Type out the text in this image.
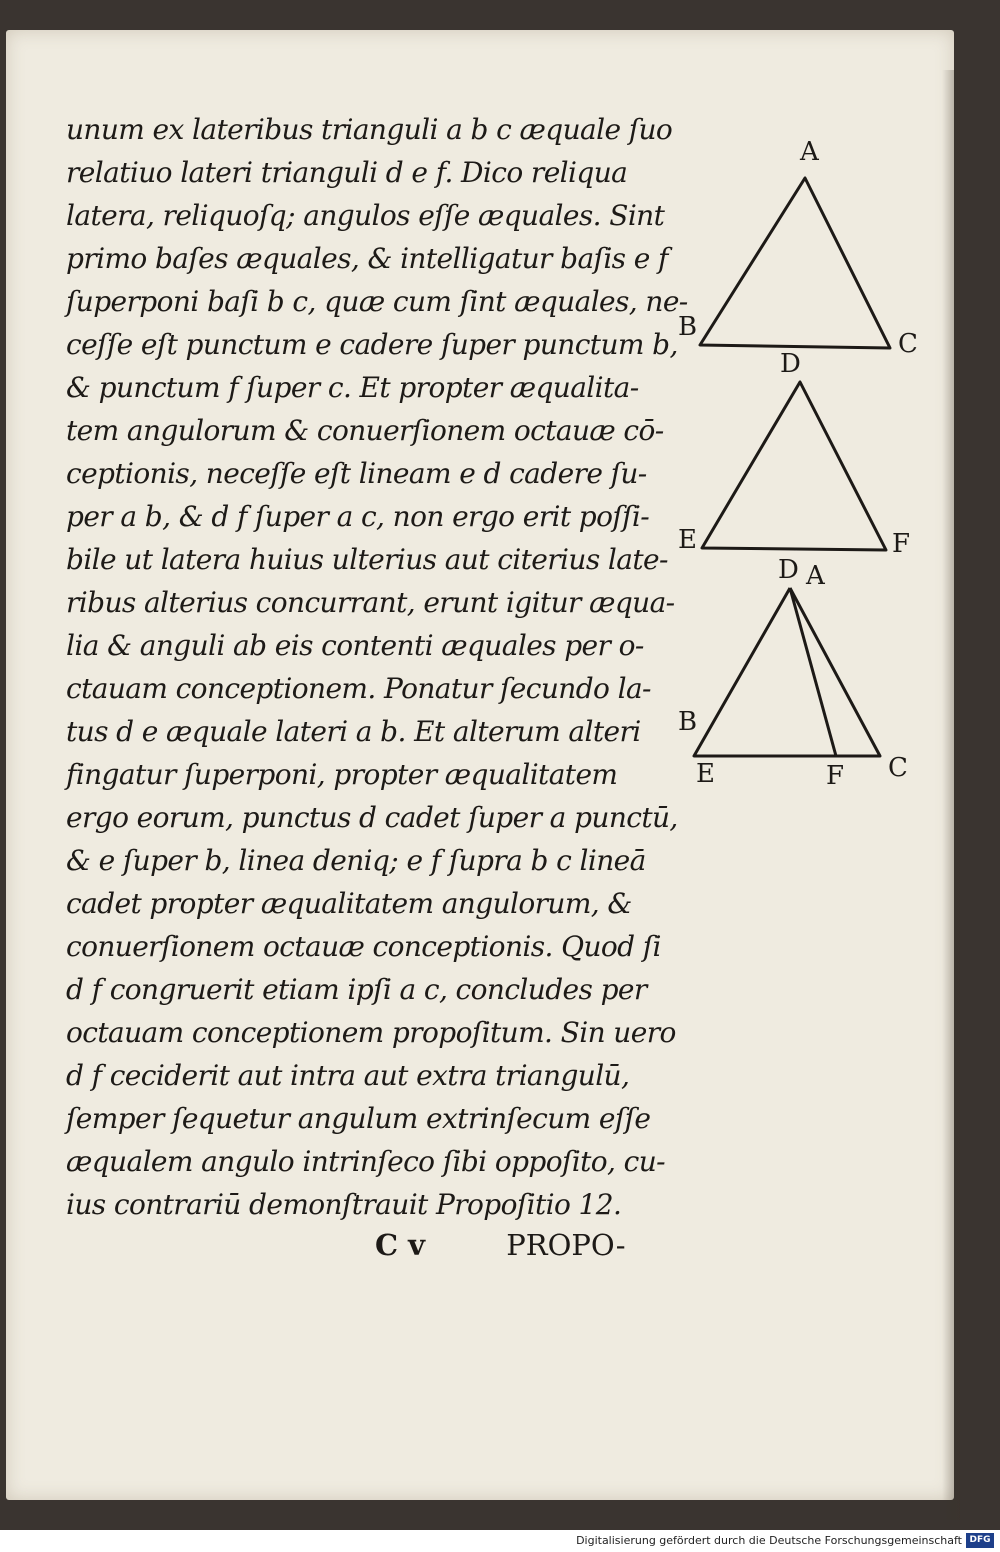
unum ex lateribus trianguli a b c æquale ſuo
relatiuo lateri trianguli d e f. Dico reliqua
latera, reliquoſq; angulos eſſe æquales. Sint
primo baſes æquales, & intelligatur baſis e f
ſuperponi baſi b c, quæ cum ſint æquales, ne-
ceſſe eſt punctum e cadere ſuper punctum b,
& punctum f ſuper c. Et propter æqualita-
tem angulorum & conuerſionem octauæ cō-
ceptionis, neceſſe eſt lineam e d cadere ſu-
per a b, & d f ſuper a c, non ergo erit poſſi-
bile ut latera huius ulterius aut citerius late-
ribus alterius concurrant, erunt igitur æqua-
lia & anguli ab eis contenti æquales per o-
ctauam conceptionem. Ponatur ſecundo la-
tus d e æquale lateri a b. Et alterum alteri
fingatur ſuperponi, propter æqualitatem
ergo eorum, punctus d cadet ſuper a punctū,
& e ſuper b, linea deniq; e f ſupra b c lineā
cadet propter æqualitatem angulorum, &
conuerſionem octauæ conceptionis. Quod ſi
d f congruerit etiam ipſi a c, concludes per
octauam conceptionem propoſitum. Sin uero
d f ceciderit aut intra aut extra triangulū,
ſemper ſequetur angulum extrinſecum eſſe
æqualem angulo intrinſeco ſibi oppoſito, cu-
ius contrariū demonſtrauit Propoſitio 12.
C v	PROPO-
A
B
C
D
E	F
D A
B
E	F C
Digitalisierung gefördert durch die Deutsche Forschungsgemeinschaft DFG
